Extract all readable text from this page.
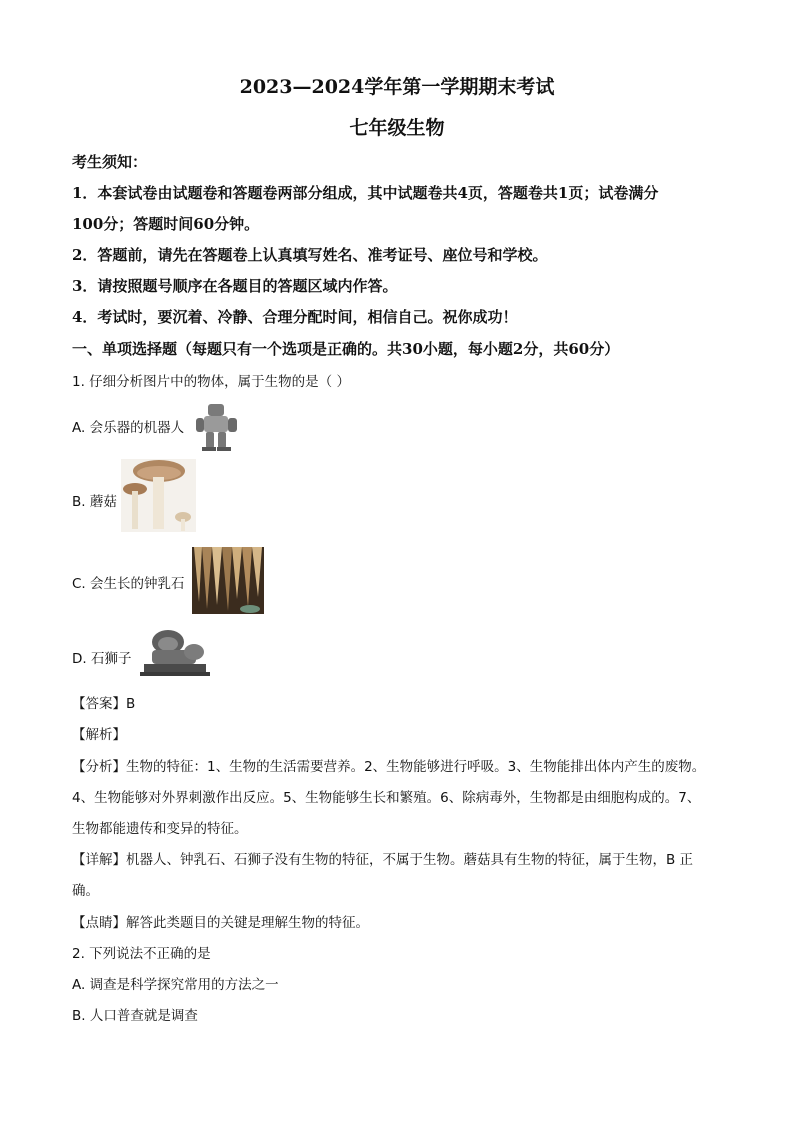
2023—2024学年第一学期期末考试
七年级生物
考生须知：
1．本套试卷由试题卷和答题卷两部分组成，其中试题卷共4页，答题卷共1页；试卷满分
100分；答题时间60分钟。
2．答题前，请先在答题卷上认真填写姓名、准考证号、座位号和学校。
3．请按照题号顺序在各题目的答题区域内作答。
4．考试时，要沉着、冷静、合理分配时间，相信自己。祝你成功！
一、单项选择题（每题只有一个选项是正确的。共30小题，每小题2分，共60分）
1. 仔细分析图片中的物体，属于生物的是（ ）
A. 会乐器的机器人
B. 蘑菇
C. 会生长的钟乳石
D. 石狮子
【答案】B
【解析】
【分析】生物的特征：1、生物的生活需要营养。2、生物能够进行呼吸。3、生物能排出体内产生的废物。
4、生物能够对外界刺激作出反应。5、生物能够生长和繁殖。6、除病毒外，生物都是由细胞构成的。7、
生物都能遗传和变异的特征。
【详解】机器人、钟乳石、石狮子没有生物的特征，不属于生物。蘑菇具有生物的特征，属于生物，B 正
确。
【点睛】解答此类题目的关键是理解生物的特征。
2. 下列说法不正确的是
A. 调查是科学探究常用的方法之一
B. 人口普查就是调查
